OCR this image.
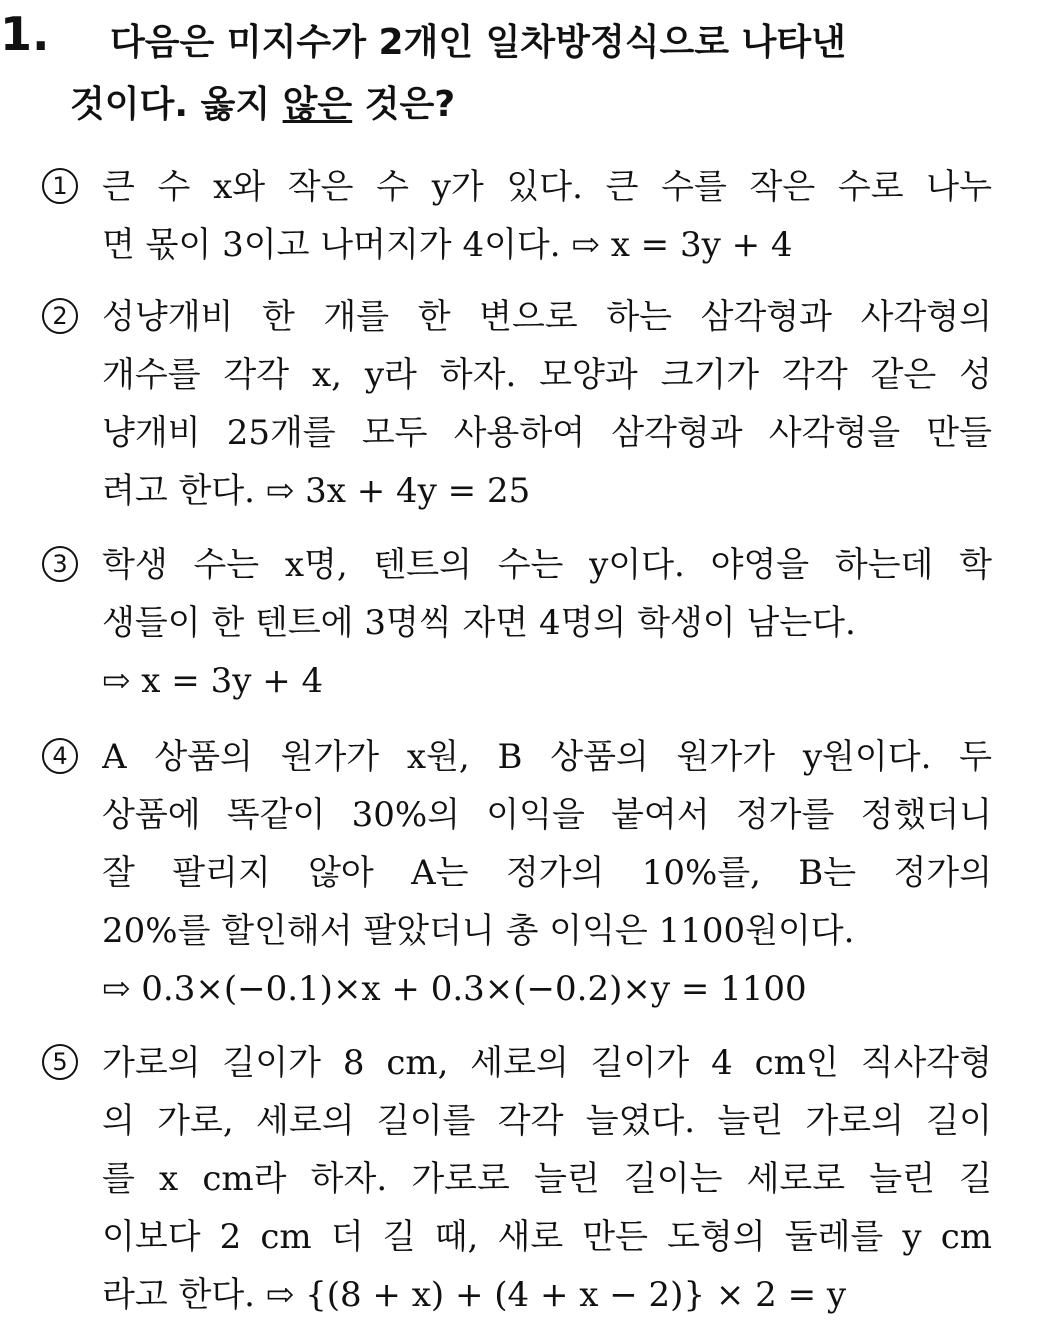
1.	다음은 미지수가 2개인 일차방정식으로 나타낸
것이다. 옳지 않은 것은?
1	큰 수 x와 작은 수 y가 있다. 큰 수를 작은 수로 나누
면 몫이 3이고 나머지가 4이다. ⇨ x = 3y + 4
2	성냥개비 한 개를 한 변으로 하는 삼각형과 사각형의
개수를 각각 x, y라 하자. 모양과 크기가 각각 같은 성
냥개비 25개를 모두 사용하여 삼각형과 사각형을 만들
려고 한다. ⇨ 3x + 4y = 25
3	학생 수는 x명, 텐트의 수는 y이다. 야영을 하는데 학
생들이 한 텐트에 3명씩 자면 4명의 학생이 남는다.
⇨ x = 3y + 4
4	A 상품의 원가가 x원, B 상품의 원가가 y원이다. 두
상품에 똑같이 30%의 이익을 붙여서 정가를 정했더니
잘 팔리지 않아 A는 정가의 10%를, B는 정가의
20%를 할인해서 팔았더니 총 이익은 1100원이다.
⇨ 0.3×(−0.1)×x + 0.3×(−0.2)×y = 1100
5	가로의 길이가 8 cm, 세로의 길이가 4 cm인 직사각형
의 가로, 세로의 길이를 각각 늘였다. 늘린 가로의 길이
를 x cm라 하자. 가로로 늘린 길이는 세로로 늘린 길
이보다 2 cm 더 길 때, 새로 만든 도형의 둘레를 y cm
라고 한다. ⇨ {(8 + x) + (4 + x − 2)} × 2 = y
